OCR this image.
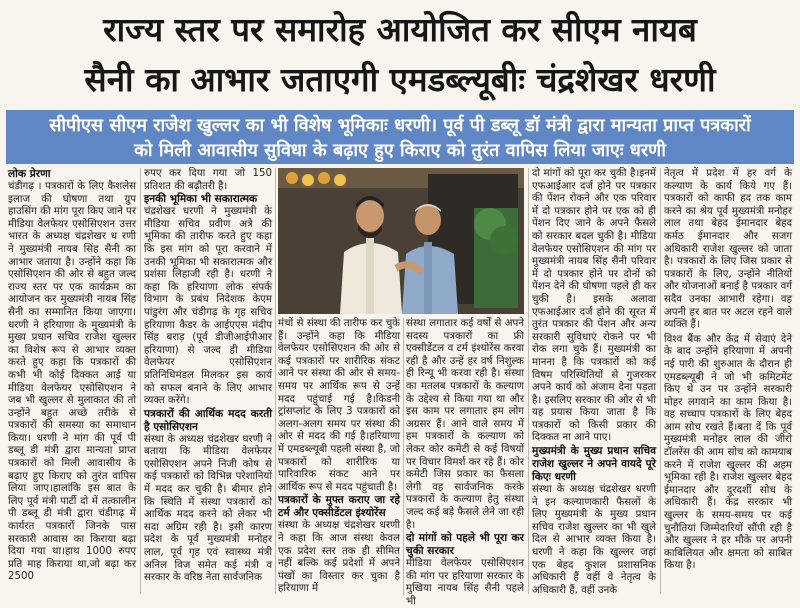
राज्य स्तर पर समारोह आयोजित कर सीएम नायब
सैनी का आभार जताएगी एमडब्ल्यूबीः चंद्रशेखर धरणी
सीपीएस सीएम राजेश खुल्लर का भी विशेष भूमिकाः धरणी। पूर्व पी डब्लू डॉ मंत्री द्वारा मान्यता प्राप्त पत्रकारों
को मिली आवासीय सुविधा के बढ़ाए हुए किराए को तुरंत वापिस लिया जाएः धरणी

लोक प्रेरणा

चंडीगढ़ । पत्रकारों के लिए कैशलेस इलाज की घोषणा तथा ग्रुप हाउसिंग की मांग पूरा किए जाने पर मीडिया वेलफेयर एसोसिएशन उत्तर भारत के अध्यक्ष चंद्रशेखर ध रणी ने मुख्यमंत्री नायब सिंह सैनी का आभार जताया है। उन्होंने कहा कि एसोसिएशन की ओर से बहुत जल्द राज्य स्तर पर एक कार्यक्रम का आयोजन कर मुख्यमंत्री नायब सिंह सैनी का सम्मानित किया जाएगा। धरणी ने हरियाणा के मुख्यमंत्री के मुख्य प्रधान सचिव राजेश खुल्लर का विशेष रूप से आभार व्यक्त करते हुए कहा कि पत्रकारों की कभी भी कोई दिक्कत आई या मीडिया वेलफेयर एसोसिएशन ने जब भी खुल्लर से मुलाकात की तो उन्होंने बहुत अच्छे तरीके से पत्रकारों की समस्या का समाधान किया। धरणी ने मांग की पूर्व पी डब्लू डी मंत्री द्वारा मान्यता प्राप्त पत्रकारों को मिली आवासीय के बढ़ाए हुए किराए को तुरंत वापिस लिया जाए।हालांकि इस बात के लिए पूर्व मंत्री पार्टी दो में तत्कालीन पी डब्लू डी मंत्री द्वारा चंडीगढ़ में कार्यरत पत्रकारों जिनके पास सरकारी आवास का किराया बढ़ा दिया गया था।हाथ 1000 रुपए प्रति माह किराया था,जो बढ़ा कर 2500

रुपए कर दिया गया जो 150 प्रतिशत की बढ़ौतरी है।

इनकी भूमिका भी सकारात्मक

चंद्रशेखर धरणी ने मुख्यमंत्री के मीडिया सचिव प्रवीण अत्रे की भूमिका की तारीफ करते हुए कहा कि इस मांग को पूरा करवाने में उनकी भूमिका भी सकारात्मक और प्रशंसा लिहाजी रही है। धरणी ने कहा कि हरियाणा लोक संपर्क विभाग के प्रबंध निदेशक केएम पांडुरंग और चंडीगढ़ के गृह सचिव हरियाणा कैडर के आईएएस मंदीप सिंह बराड़ (पूर्व डीजीआईपीआर हरियाणा) से जल्द ही मीडिया वेलफेयर एसोसिएशन प्रतिनिधिमंडल मिलकर इस कार्य को सफल बनाने के लिए आभार व्यक्त करेंगे।

पत्रकारों की आर्थिक मदद करती है एसोसिएशन

संस्था के अध्यक्ष चंद्रशेखर धरणी ने बताया कि मीडिया वेलफेयर एसोसिएशन अपने निजी कोष से कई पत्रकारों को विभिन्न परेशानियों में मदद कर चुकी है। बीमार होने कि स्थिति में संस्था पत्रकारों को आर्थिक मदद करने को लेकर भी सदा अग्रिम रही है। इसी कारण प्रदेश के पूर्व मुख्यमंत्री मनोहर लाल, पूर्व गृह एवं स्वास्थ्य मंत्री अनिल विज समेत कई मंत्री व सरकार के वरिष्ठ नेता सार्वजनिक

मंचों से संस्था की तारीफ कर चुके हैं। उन्होंने कहा कि मीडिया वेलफेयर एसोसिएशन की ओर से कई पत्रकारों पर शारीरिक संकट आने पर संस्था की ओर से समय-समय पर आर्थिक रूप से उन्हें मदद पहुंचाई गई है।किडनी ट्रांसप्लांट के लिए 3 पत्रकारों को अलग-अलग समय पर संस्था की ओर से मदद की गई है।हरियाणा में एमडब्ल्यूबी पहली संस्था है, जो पत्रकारों को शारीरिक या पारिवारिक संकट आने पर आर्थिक रूप से मदद पहुंचाती है।

पत्रकारों के मुफ्त कराए जा रहे टर्म और एक्सीडेंटल इंश्योरेंस

संस्था के अध्यक्ष चंद्रशेखर धरणी ने कहा कि आज संस्था केवल एक प्रदेश स्तर तक ही सीमित नहीं बल्कि कई प्रदेशों में अपने पंखों का विस्तार कर चुका है हरियाणा में

संस्था लगातार कई वर्षों से अपने सदस्य पत्रकारों का फ्री एक्सीडेंटल व टर्म इंश्योरेंस करवा रही है और उन्हें हर वर्ष निशुल्क ही रिन्यू भी करवा रही है। संस्था का मतलब पत्रकारों के कल्याण के उद्देश्य से किया गया था और इस काम पर लगातार हम लोग अग्रसर हैं। आने वाले समय में हम पत्रकारों के कल्याण को लेकर कोर कमेटी से कई विषयों पर विचार विमर्श कर रहे हैं। कोर कमेटी जिस प्रकार का फैसला लेगी वह सार्वजनिक करके पत्रकारों के कल्याण हेतु संस्था जल्द कई बड़े फैसले लेने जा रही है।

दो मांगों को पहले भी पूरा कर चुकी सरकार

मीडिया वेलफेयर एसोसिएशन की मांग पर हरियाणा सरकार के मुखिया नायब सिंह सैनी पहले भी

दो मांगों को पूरा कर चुकी है।इनमें एफआईआर दर्ज होने पर पत्रकार की पेंशन रोकने और एक परिवार में दो पत्रकार होने पर एक को ही पेंशन दिए जाने के अपने फैसले को सरकार बदल चुकी है। मीडिया वेलफेयर एसोसिएशन की मांग पर मुख्यमंत्री नायब सिंह सैनी परिवार में दो पत्रकार होने पर दोनों को पेंशन देने की घोषणा पहले ही कर चुकी है। इसके अलावा एफआईआर दर्ज होने की सूरत में तुरंत पत्रकार की पेंशन और अन्य सरकारी सुविधाएं रोकने पर भी रोक लगा चुके हैं। मुख्यमंत्री का मानना है कि पत्रकारों को कई विषम परिस्थितियों से गुजरकर अपने कार्य को अंजाम देना पड़ता है। इसलिए सरकार की ओर से भी यह प्रयास किया जाता है कि पत्रकारों को किसी प्रकार की दिक्कत ना आने पाए।

मुख्यमंत्री के मुख्य प्रधान सचिव राजेश खुल्लर ने अपने वायदे पूरे किएः धरणी

संस्था के अध्यक्ष चंद्रशेखर धरणी ने इन कल्याणकारी फैसलों के लिए मुख्यमंत्री के मुख्य प्रधान सचिव राजेश खुल्लर का भी खुले दिल से आभार व्यक्त किया है। धरणी ने कहा कि खुल्लर जहां एक बेहद कुशल प्रशासनिक अधिकारी हैं वहीं वे नेतृत्व के अधिकारी हैं, वहीं उनके

नेतृत्व में प्रदेश में हर वर्ग के कल्याण के कार्य किये गए हैं। पत्रकारों को काफी हद तक काम करने का श्रेय पूर्व मुख्यमंत्री मनोहर लाल तथा बेहद ईमानदार बेहद कर्मठ ईमानदार और सजग अधिकारी राजेश खुल्लर को जाता है। पत्रकारों के लिए जिस प्रकार से पत्रकारों के लिए, उन्होंने नीतियों और योजनाओं बनाई है पत्रकार वर्ग सदैव उनका आभारी रहेगा। वह अपनी हर बात पर अटल रहने वाले व्यक्ति हैं।

विश्व बैंक और केंद्र में सेवाएं देने के बाद उन्होंने हरियाणा में अपनी नई पारी की शुरुआत के दौरान ही एमडब्ल्यूबी ने जो भी कमिटमेंट किए थे उन पर उन्होंने सरकारी मोहर लगवाने का काम किया है। वह सच्चाप पत्रकारों के लिए बेहद आम सोच रखते हैं।बता दें कि पूर्व मुख्यमंत्री मनोहर लाल की जीरो टॉलरेंस की आम सोच को कामयाब करने में राजेश खुल्लर की अहम भूमिका रही है। राजेश खुल्लर बेहद ईमानदार और दूरदर्शी सोच के अधिकारी हैं। केंद्र सरकार भी खुल्लर के समय-समय पर कई चुनौतियां जिम्मेदारियों सौंपी रही है और खुल्लर ने हर मौके पर अपनी काबिलियत और क्षमता को साबित किया है।
